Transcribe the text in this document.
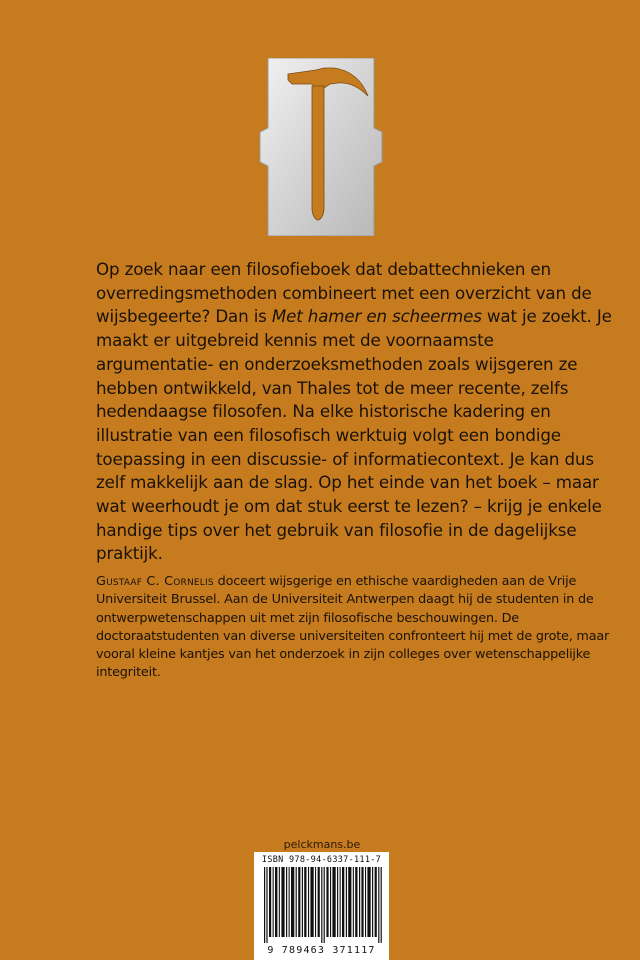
Op zoek naar een filosofieboek dat debattechnieken en overredingsmethoden combineert met een overzicht van de wijsbegeerte? Dan is Met hamer en scheermes wat je zoekt. Je maakt er uitgebreid kennis met de voornaamste argumentatie- en onderzoeksmethoden zoals wijsgeren ze hebben ontwikkeld, van Thales tot de meer recente, zelfs hedendaagse filosofen. Na elke historische kadering en illustratie van een filosofisch werktuig volgt een bondige toepassing in een discussie- of informatiecontext. Je kan dus zelf makkelijk aan de slag. Op het einde van het boek – maar wat weerhoudt je om dat stuk eerst te lezen? – krijg je enkele handige tips over het gebruik van filosofie in de dagelijkse praktijk.

Gustaaf C. Cornelis doceert wijsgerige en ethische vaardigheden aan de Vrije Universiteit Brussel. Aan de Universiteit Antwerpen daagt hij de studenten in de ontwerpwetenschappen uit met zijn filosofische beschouwingen. De doctoraatstudenten van diverse universiteiten confronteert hij met de grote, maar vooral kleine kantjes van het onderzoek in zijn colleges over wetenschappelijke integriteit.

pelckmans.be
ISBN 978-94-6337-111-7
9 789463 371117
